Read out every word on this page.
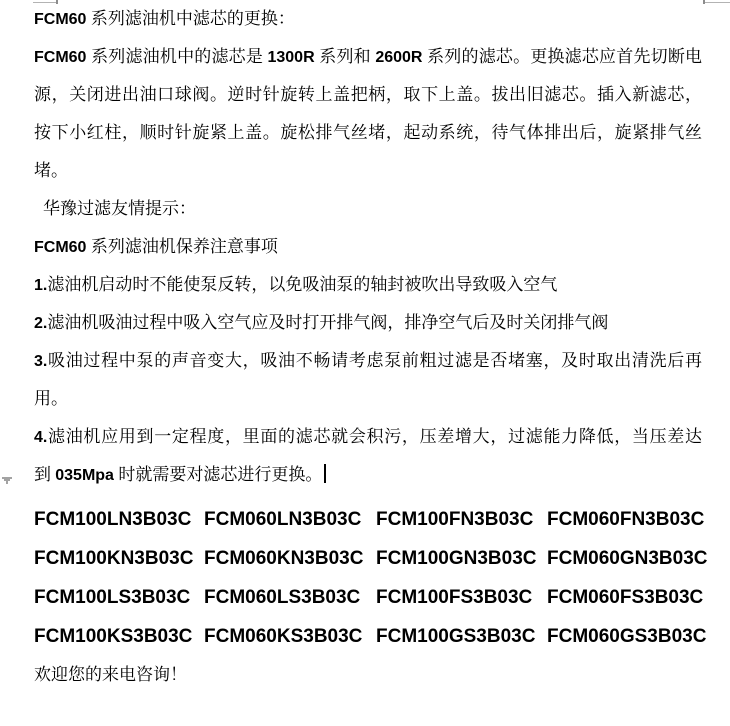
FCM60 系列滤油机中滤芯的更换：
FCM60 系列滤油机中的滤芯是 1300R 系列和 2600R 系列的滤芯。更换滤芯应首先切断电
源，关闭进出油口球阀。逆时针旋转上盖把柄，取下上盖。拔出旧滤芯。插入新滤芯，
按下小红柱，顺时针旋紧上盖。旋松排气丝堵，起动系统，待气体排出后，旋紧排气丝
堵。
华豫过滤友情提示：
FCM60 系列滤油机保养注意事项
1.滤油机启动时不能使泵反转，以免吸油泵的轴封被吹出导致吸入空气
2.滤油机吸油过程中吸入空气应及时打开排气阀，排净空气后及时关闭排气阀
3.吸油过程中泵的声音变大，吸油不畅请考虑泵前粗过滤是否堵塞，及时取出清洗后再
用。
4.滤油机应用到一定程度，里面的滤芯就会积污，压差增大，过滤能力降低，当压差达
到 035Mpa 时就需要对滤芯进行更换。
FCM100LN3B03C FCM060LN3B03C FCM100FN3B03C FCM060FN3B03C
FCM100KN3B03C FCM060KN3B03C FCM100GN3B03C FCM060GN3B03C
FCM100LS3B03C FCM060LS3B03C FCM100FS3B03C FCM060FS3B03C
FCM100KS3B03C FCM060KS3B03C FCM100GS3B03C FCM060GS3B03C
欢迎您的来电咨询！
